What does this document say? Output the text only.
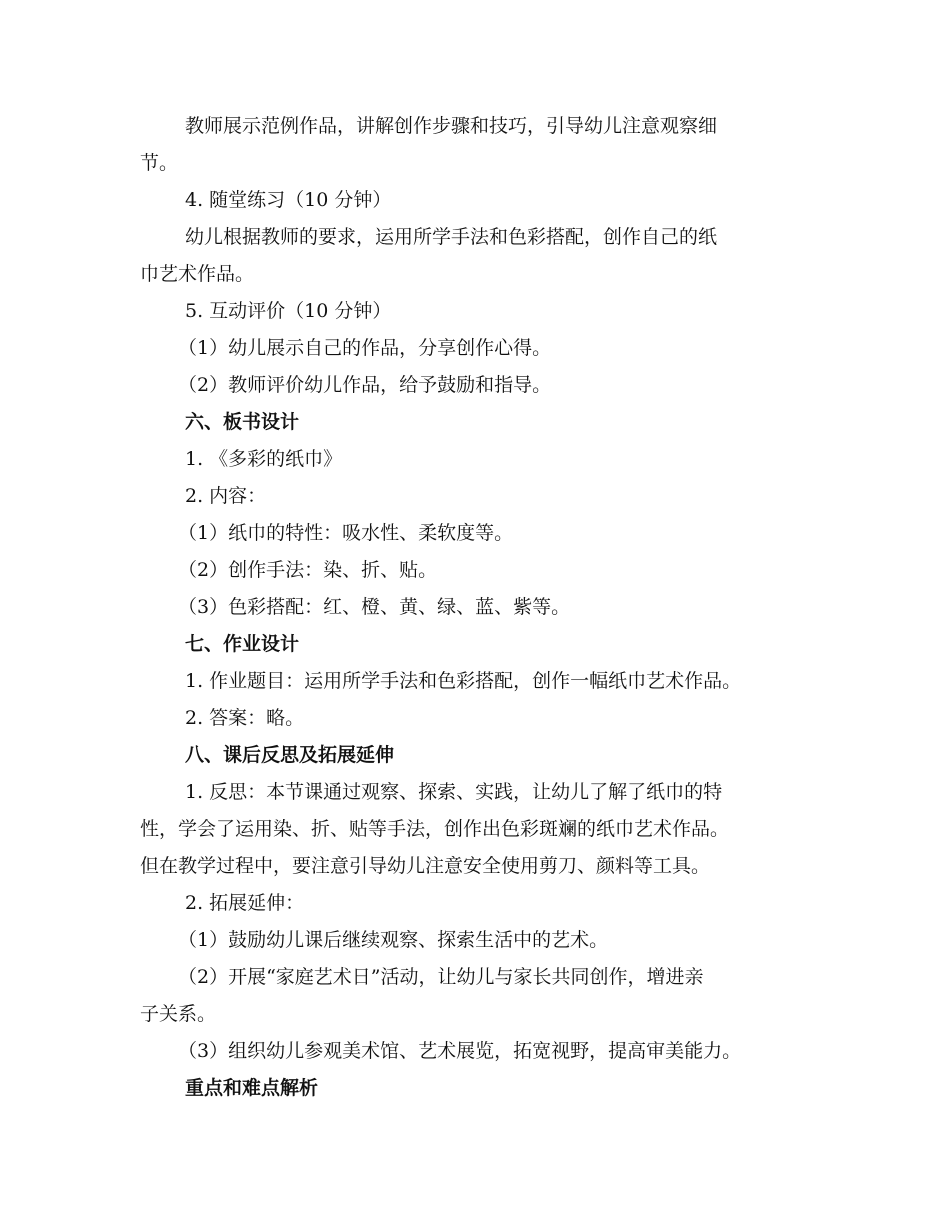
教师展示范例作品，讲解创作步骤和技巧，引导幼儿注意观察细
节。
4. 随堂练习（10 分钟）
幼儿根据教师的要求，运用所学手法和色彩搭配，创作自己的纸
巾艺术作品。
5. 互动评价（10 分钟）
（1）幼儿展示自己的作品，分享创作心得。
（2）教师评价幼儿作品，给予鼓励和指导。
六、板书设计
1. 《多彩的纸巾》
2. 内容：
（1）纸巾的特性：吸水性、柔软度等。
（2）创作手法：染、折、贴。
（3）色彩搭配：红、橙、黄、绿、蓝、紫等。
七、作业设计
1. 作业题目：运用所学手法和色彩搭配，创作一幅纸巾艺术作品。
2. 答案：略。
八、课后反思及拓展延伸
1. 反思：本节课通过观察、探索、实践，让幼儿了解了纸巾的特
性，学会了运用染、折、贴等手法，创作出色彩斑斓的纸巾艺术作品。
但在教学过程中，要注意引导幼儿注意安全使用剪刀、颜料等工具。
2. 拓展延伸：
（1）鼓励幼儿课后继续观察、探索生活中的艺术。
（2）开展“家庭艺术日”活动，让幼儿与家长共同创作，增进亲
子关系。
（3）组织幼儿参观美术馆、艺术展览，拓宽视野，提高审美能力。
重点和难点解析
